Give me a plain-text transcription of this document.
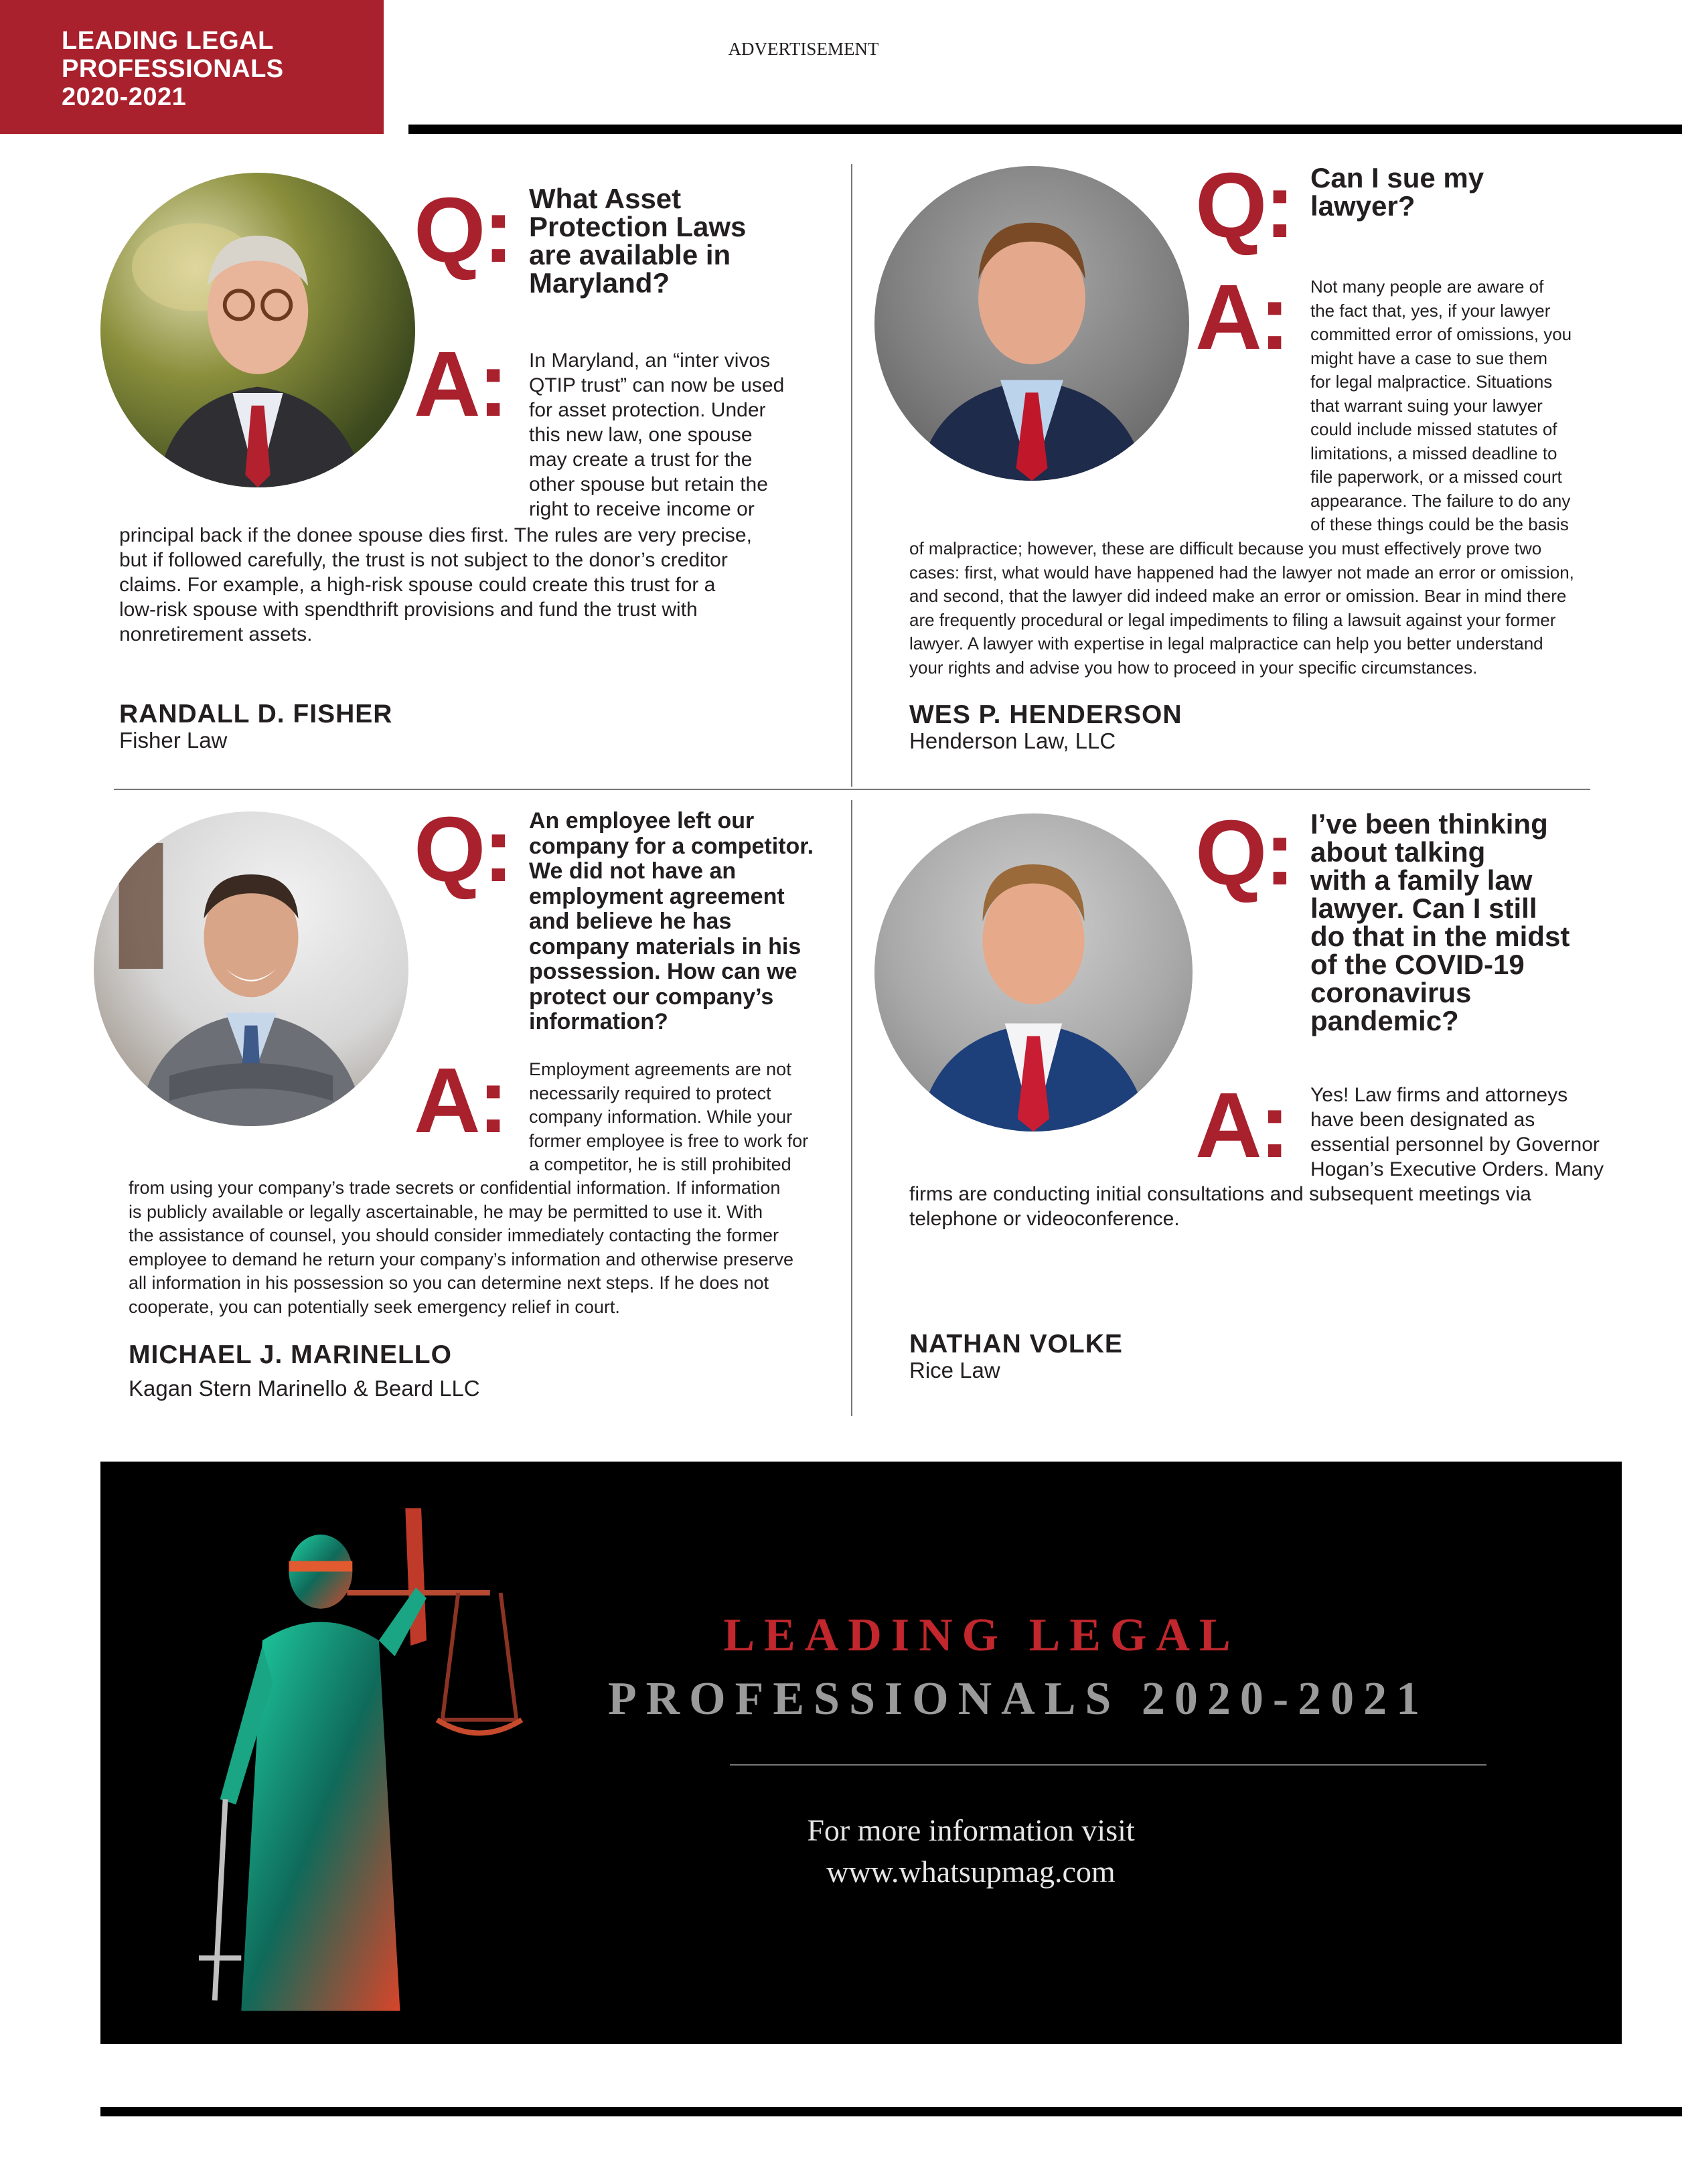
LEADING LEGAL
PROFESSIONALS
2020-2021
ADVERTISEMENT
Q: What Asset
Protection Laws
are available in
Maryland?
A: In Maryland, an “inter vivos
QTIP trust” can now be used
for asset protection. Under
this new law, one spouse
may create a trust for the
other spouse but retain the
right to receive income or
principal back if the donee spouse dies first. The rules are very precise,
but if followed carefully, the trust is not subject to the donor’s creditor
claims. For example, a high-risk spouse could create this trust for a
low-risk spouse with spendthrift provisions and fund the trust with
nonretirement assets.
RANDALL D. FISHER
Fisher Law
Q: Can I sue my
lawyer?
A: Not many people are aware of
the fact that, yes, if your lawyer
committed error of omissions, you
might have a case to sue them
for legal malpractice. Situations
that warrant suing your lawyer
could include missed statutes of
limitations, a missed deadline to
file paperwork, or a missed court
appearance. The failure to do any
of these things could be the basis
of malpractice; however, these are difficult because you must effectively prove two
cases: first, what would have happened had the lawyer not made an error or omission,
and second, that the lawyer did indeed make an error or omission. Bear in mind there
are frequently procedural or legal impediments to filing a lawsuit against your former
lawyer. A lawyer with expertise in legal malpractice can help you better understand
your rights and advise you how to proceed in your specific circumstances.
WES P. HENDERSON
Henderson Law, LLC
Q: An employee left our
company for a competitor.
We did not have an
employment agreement
and believe he has
company materials in his
possession. How can we
protect our company’s
information?
A: Employment agreements are not
necessarily required to protect
company information. While your
former employee is free to work for
a competitor, he is still prohibited
from using your company’s trade secrets or confidential information. If information
is publicly available or legally ascertainable, he may be permitted to use it. With
the assistance of counsel, you should consider immediately contacting the former
employee to demand he return your company’s information and otherwise preserve
all information in his possession so you can determine next steps. If he does not
cooperate, you can potentially seek emergency relief in court.
MICHAEL J. MARINELLO
Kagan Stern Marinello & Beard LLC
Q: I’ve been thinking
about talking
with a family law
lawyer. Can I still
do that in the midst
of the COVID-19
coronavirus
pandemic?
A: Yes! Law firms and attorneys
have been designated as
essential personnel by Governor
Hogan’s Executive Orders. Many
firms are conducting initial consultations and subsequent meetings via
telephone or videoconference.
NATHAN VOLKE
Rice Law
LEADING LEGAL
PROFESSIONALS 2020-2021
For more information visit
www.whatsupmag.com
